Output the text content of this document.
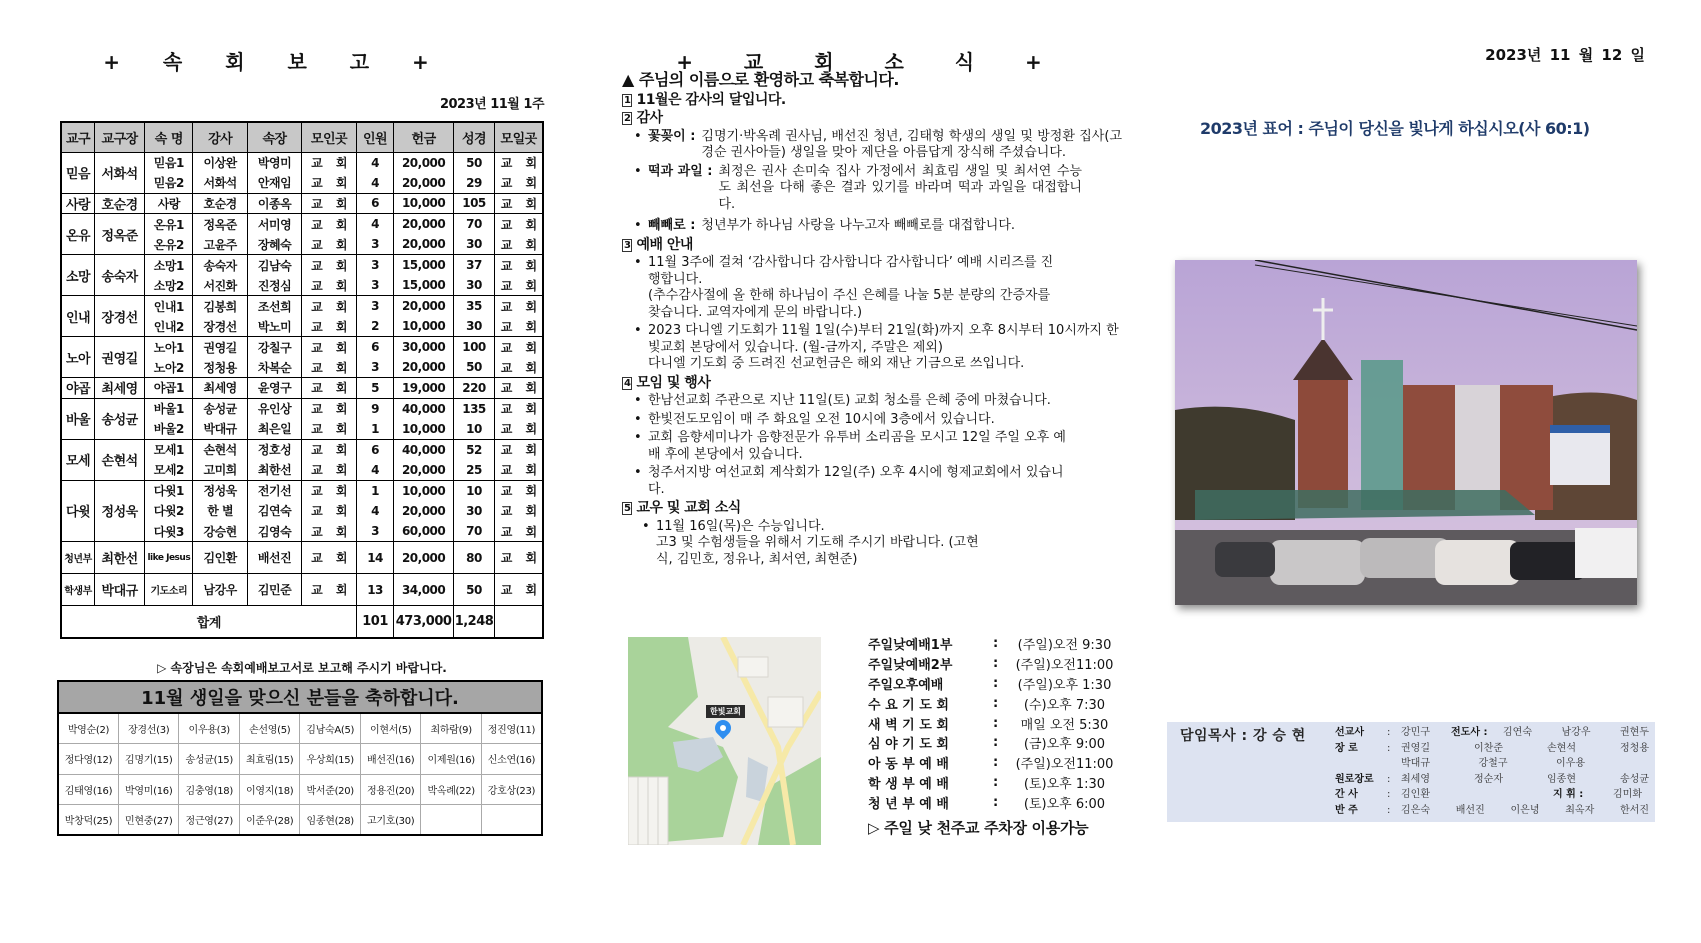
+ 속 회 보 고 +
2023년 11월 1주
교구	교구장	속 명	강사	속장	모인곳	인원	헌금	성경	모일곳
믿음	서화석	믿음1	이상완	박영미	교 회	4	20,000	50	교 회
		믿음2	서화석	안재임	교 회	4	20,000	29	교 회
사랑	호순경	사랑	호순경	이종옥	교 회	6	10,000	105	교 회
온유	정옥준	온유1	정옥준	서미영	교 회	4	20,000	70	교 회
		온유2	고윤주	장혜숙	교 회	3	20,000	30	교 회
소망	송숙자	소망1	송숙자	김남숙	교 회	3	15,000	37	교 회
		소망2	서진화	진정심	교 회	3	15,000	30	교 회
인내	장경선	인내1	김봉희	조선희	교 회	3	20,000	35	교 회
		인내2	장경선	박노미	교 회	2	10,000	30	교 회
노아	권영길	노아1	권영길	강칠구	교 회	6	30,000	100	교 회
		노아2	정청용	차복순	교 회	3	20,000	50	교 회
야곱	최세영	야곱1	최세영	윤영구	교 회	5	19,000	220	교 회
바울	송성균	바울1	송성균	유인상	교 회	9	40,000	135	교 회
		바울2	박대규	최은일	교 회	1	10,000	10	교 회
모세	손현석	모세1	손현석	정호성	교 회	6	40,000	52	교 회
		모세2	고미희	최한선	교 회	4	20,000	25	교 회
다윗	정성욱	다윗1	정성욱	전기선	교 회	1	10,000	10	교 회
		다윗2	한 별	김연숙	교 회	4	20,000	30	교 회
		다윗3	강승현	김영숙	교 회	3	60,000	70	교 회
청년부	최한선	like Jesus	김인환	배선진	교 회	14	20,000	80	교 회
학생부	박대규	기도소리	남강우	김민준	교 회	13	34,000	50	교 회
합계						101	473,000	1,248	
▷ 속장님은 속회예배보고서로 보고해 주시기 바랍니다.
11월 생일을 맞으신 분들을 축하합니다.							
박영순(2)	장경선(3)	이우용(3)	손선영(5)	김남숙A(5)	이현서(5)	최하람(9)	정진영(11)
정다영(12)	김명기(15)	송성균(15)	최효림(15)	우상희(15)	배선진(16)	이제원(16)	신소연(16)
김태영(16)	박영미(16)	김충영(18)	이영지(18)	박서준(20)	정용진(20)	박옥례(22)	강호상(23)
박창덕(25)	민현중(27)	정근영(27)	이준우(28)	임종현(28)	고기호(30)		
+ 교 회 소 식 +
▲ 주님의 이름으로 환영하고 축복합니다.
1 11월은 감사의 달입니다.
2 감사
• 꽃꽂이 : 김명기·박옥례 권사님, 배선진 청년, 김태형 학생의 생일 및 방정환 집사(고경순 권사아들) 생일을 맞아 제단을 아름답게 장식해 주셨습니다.
• 떡과 과일 : 최정은 권사 손미숙 집사 가정에서 최효림 생일 및 최서연 수능도 최선을 다해 좋은 결과 있기를 바라며 떡과 과일을 대접합니다.
• 빼빼로 : 청년부가 하나님 사랑을 나누고자 빼빼로를 대접합니다.
3 예배 안내
• 11월 3주에 걸쳐 ‘감사합니다 감사합니다 감사합니다’ 예배 시리즈를 진행합니다.
(추수감사절에 올 한해 하나님이 주신 은혜를 나눌 5분 분량의 간증자를 찾습니다. 교역자에게 문의 바랍니다.)
• 2023 다니엘 기도회가 11월 1일(수)부터 21일(화)까지 오후 8시부터 10시까지 한빛교회 본당에서 있습니다. (월-금까지, 주말은 제외)
다니엘 기도회 중 드려진 선교헌금은 해외 재난 기금으로 쓰입니다.
4 모임 및 행사
• 한남선교회 주관으로 지난 11일(토) 교회 청소를 은혜 중에 마쳤습니다.
• 한빛전도모임이 매 주 화요일 오전 10시에 3층에서 있습니다.
• 교회 음향세미나가 음향전문가 유투버 소리곰을 모시고 12일 주일 오후 예배 후에 본당에서 있습니다.
• 청주서지방 여선교회 계삭회가 12일(주) 오후 4시에 형제교회에서 있습니다.
5 교우 및 교회 소식
• 11월 16일(목)은 수능입니다.
고3 및 수험생들을 위해서 기도해 주시기 바랍니다. (고현식, 김민호, 정유나, 최서연, 최현준)
한빛교회
주일낮예배1부	:	(주일)오전 9:30
주일낮예배2부	:	(주일)오전11:00
주일오후예배	:	(주일)오후 1:30
수 요 기 도 회	:	(수)오후 7:30
새 벽 기 도 회	:	매일 오전 5:30
심 야 기 도 회	:	(금)오후 9:00
아 동 부 예 배	:	(주일)오전11:00
학 생 부 예 배	:	(토)오후 1:30
청 년 부 예 배	:	(토)오후 6:00
▷ 주일 낮 천주교 주차장 이용가능
2023년 11 월 12 일
2023년 표어 : 주님이 당신을 빛나게 하십시오(사 60:1)
담임목사 : 강 승 현	선교사	:	강민구	전도사 :	김연숙	남강우	권현두
장 로	:	권영길	이찬준	손현석	정청용
박대규	강철구	이우용
원로장로	:	최세영	정순자	임종현	송성균
간 사	:	김인환	지 휘 :	김미화
반 주	:	김은숙	배선진	이은녕	최옥자	한서진
